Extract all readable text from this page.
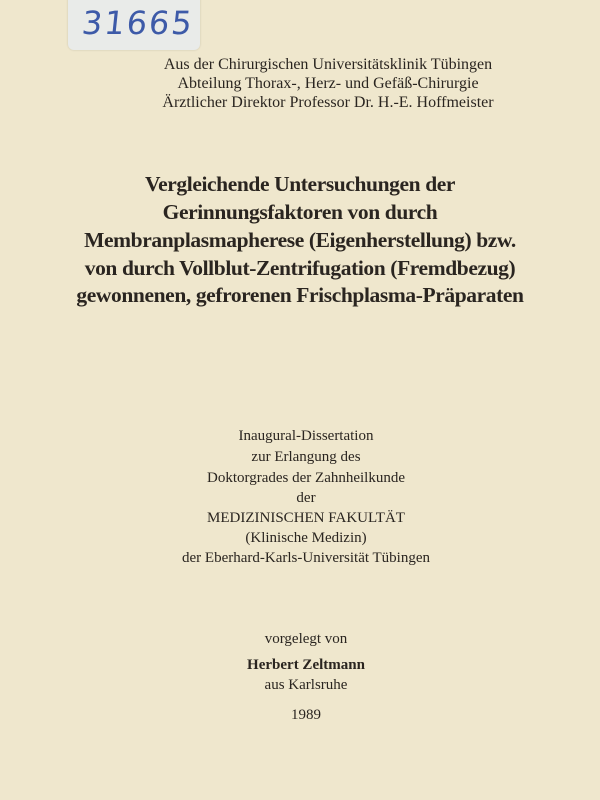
31665
Aus der Chirurgischen Universitätsklinik Tübingen
Abteilung Thorax-, Herz- und Gefäß-Chirurgie
Ärztlicher Direktor Professor Dr. H.-E. Hoffmeister
Vergleichende Untersuchungen der
Gerinnungsfaktoren von durch
Membranplasmapherese (Eigenherstellung) bzw.
von durch Vollblut-Zentrifugation (Fremdbezug)
gewonnenen, gefrorenen Frischplasma-Präparaten
Inaugural-Dissertation
zur Erlangung des
Doktorgrades der Zahnheilkunde
der
MEDIZINISCHEN FAKULTÄT
(Klinische Medizin)
der Eberhard-Karls-Universität Tübingen
vorgelegt von
Herbert Zeltmann
aus Karlsruhe
1989
